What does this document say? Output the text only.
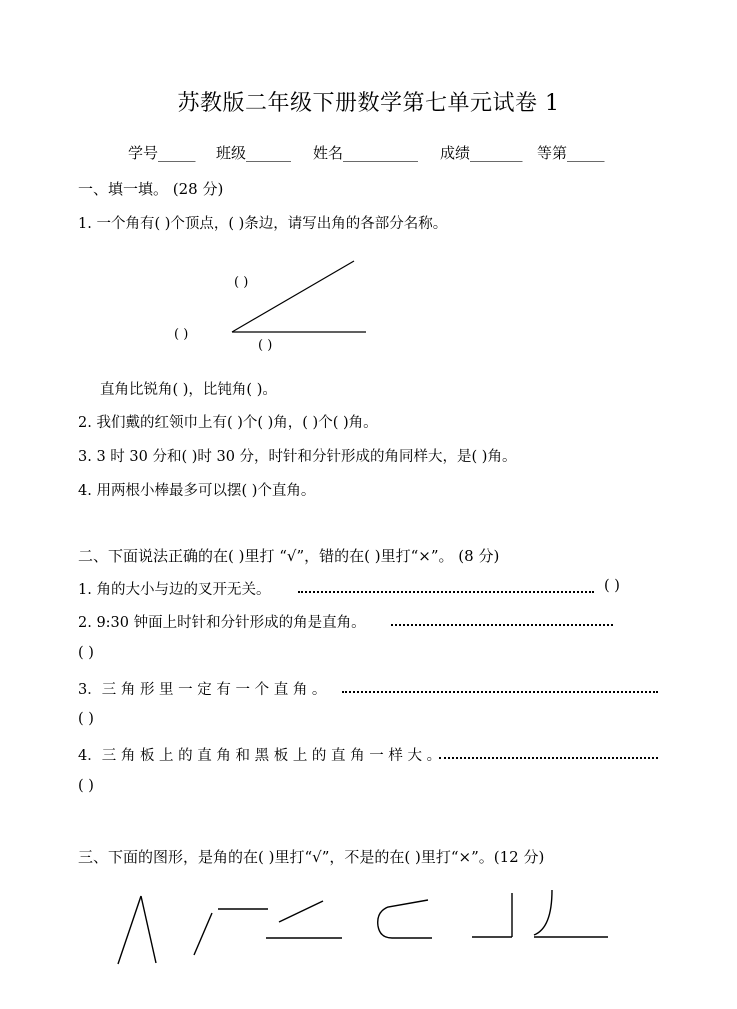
苏教版二年级下册数学第七单元试卷 1
学号_____ 班级______ 姓名__________ 成绩_______ 等第_____
一、填一填。 (28 分)
1. 一个角有( )个顶点，( )条边，请写出角的各部分名称。
( )
( )
( )
直角比锐角( )，比钝角( )。
2. 我们戴的红领巾上有( )个( )角，( )个( )角。
3. 3 时 30 分和( )时 30 分，时针和分针形成的角同样大，是( )角。
4. 用两根小棒最多可以摆( )个直角。
二、下面说法正确的在( )里打 “√”，错的在( )里打“×”。 (8 分)
1. 角的大小与边的叉开无关。	( )
2. 9:30 钟面上时针和分针形成的角是直角。
( )
3．三 角 形 里 一 定 有 一 个 直 角 。
( )
4．三 角 板 上 的 直 角 和 黑 板 上 的 直 角 一 样 大 。
( )
三、下面的图形，是角的在( )里打“√”，不是的在( )里打“×”。(12 分)
